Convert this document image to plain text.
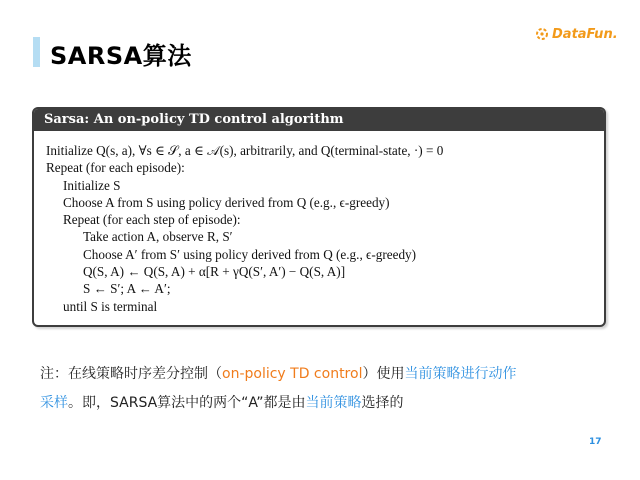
SARSA算法
DataFun .
Sarsa: An on-policy TD control algorithm
Initialize Q(s, a), ∀s ∈ 𝒮, a ∈ 𝒜(s), arbitrarily, and Q(terminal-state, ·) = 0
Repeat (for each episode):
Initialize S
Choose A from S using policy derived from Q (e.g., ϵ-greedy)
Repeat (for each step of episode):
Take action A, observe R, S′
Choose A′ from S′ using policy derived from Q (e.g., ϵ-greedy)
Q(S, A) ← Q(S, A) + α[R + γQ(S′, A′) − Q(S, A)]
S ← S′; A ← A′;
until S is terminal
注：在线策略时序差分控制（on-policy TD control）使用当前策略进行动作
采样。即，SARSA算法中的两个“A”都是由当前策略选择的
17
